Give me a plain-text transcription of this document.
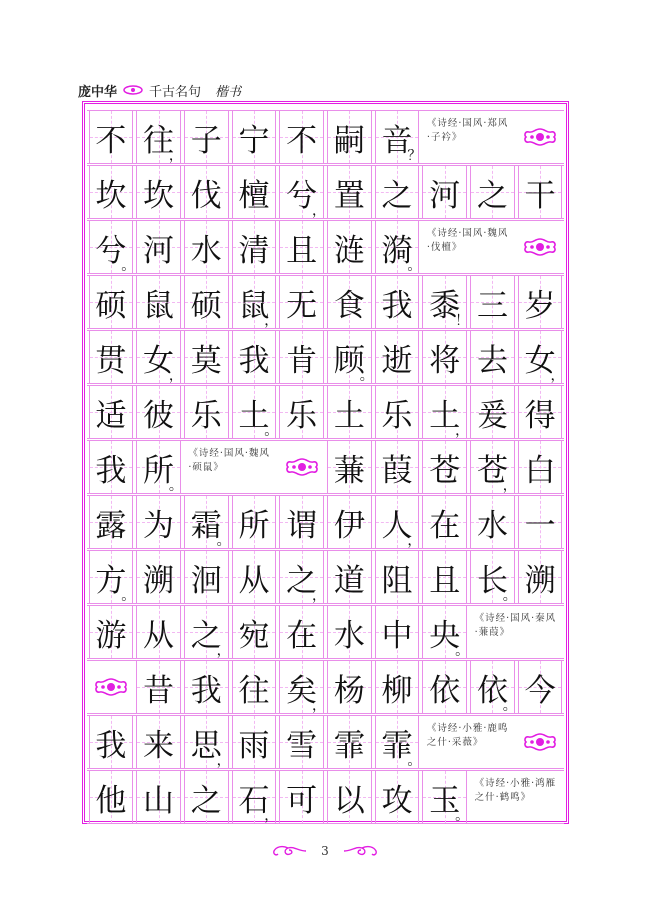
庞中华 千古名句 楷书
不 往
， 子 宁 不 嗣 音
？
《诗经·国风·郑风·子衿》
坎 坎 伐 檀 兮
， 置 之 河 之 干
兮
。 河 水 清 且 涟 漪
。
《诗经·国风·魏风·伐檀》
硕 鼠 硕 鼠
， 无 食 我 黍
！ 三 岁
贯 女
， 莫 我 肯 顾
。 逝 将 去 女
，
适 彼 乐 土
。 乐 土 乐 土
， 爰 得
我 所
。
《诗经·国风·魏风·硕鼠》	蒹 葭 苍 苍
， 白
露 为 霜
。 所 谓 伊 人
， 在 水 一
方
。 溯 洄 从 之
， 道 阻 且 长
。 溯
游 从 之
， 宛 在 水 中 央
。
《诗经·国风·秦风·蒹葭》
昔 我 往 矣
， 杨 柳 依 依
。 今
我 来 思
， 雨 雪 霏 霏
。
《诗经·小雅·鹿鸣之什·采薇》
他 山 之 石
， 可 以 攻 玉
。
《诗经·小雅·鸿雁之什·鹤鸣》
3
